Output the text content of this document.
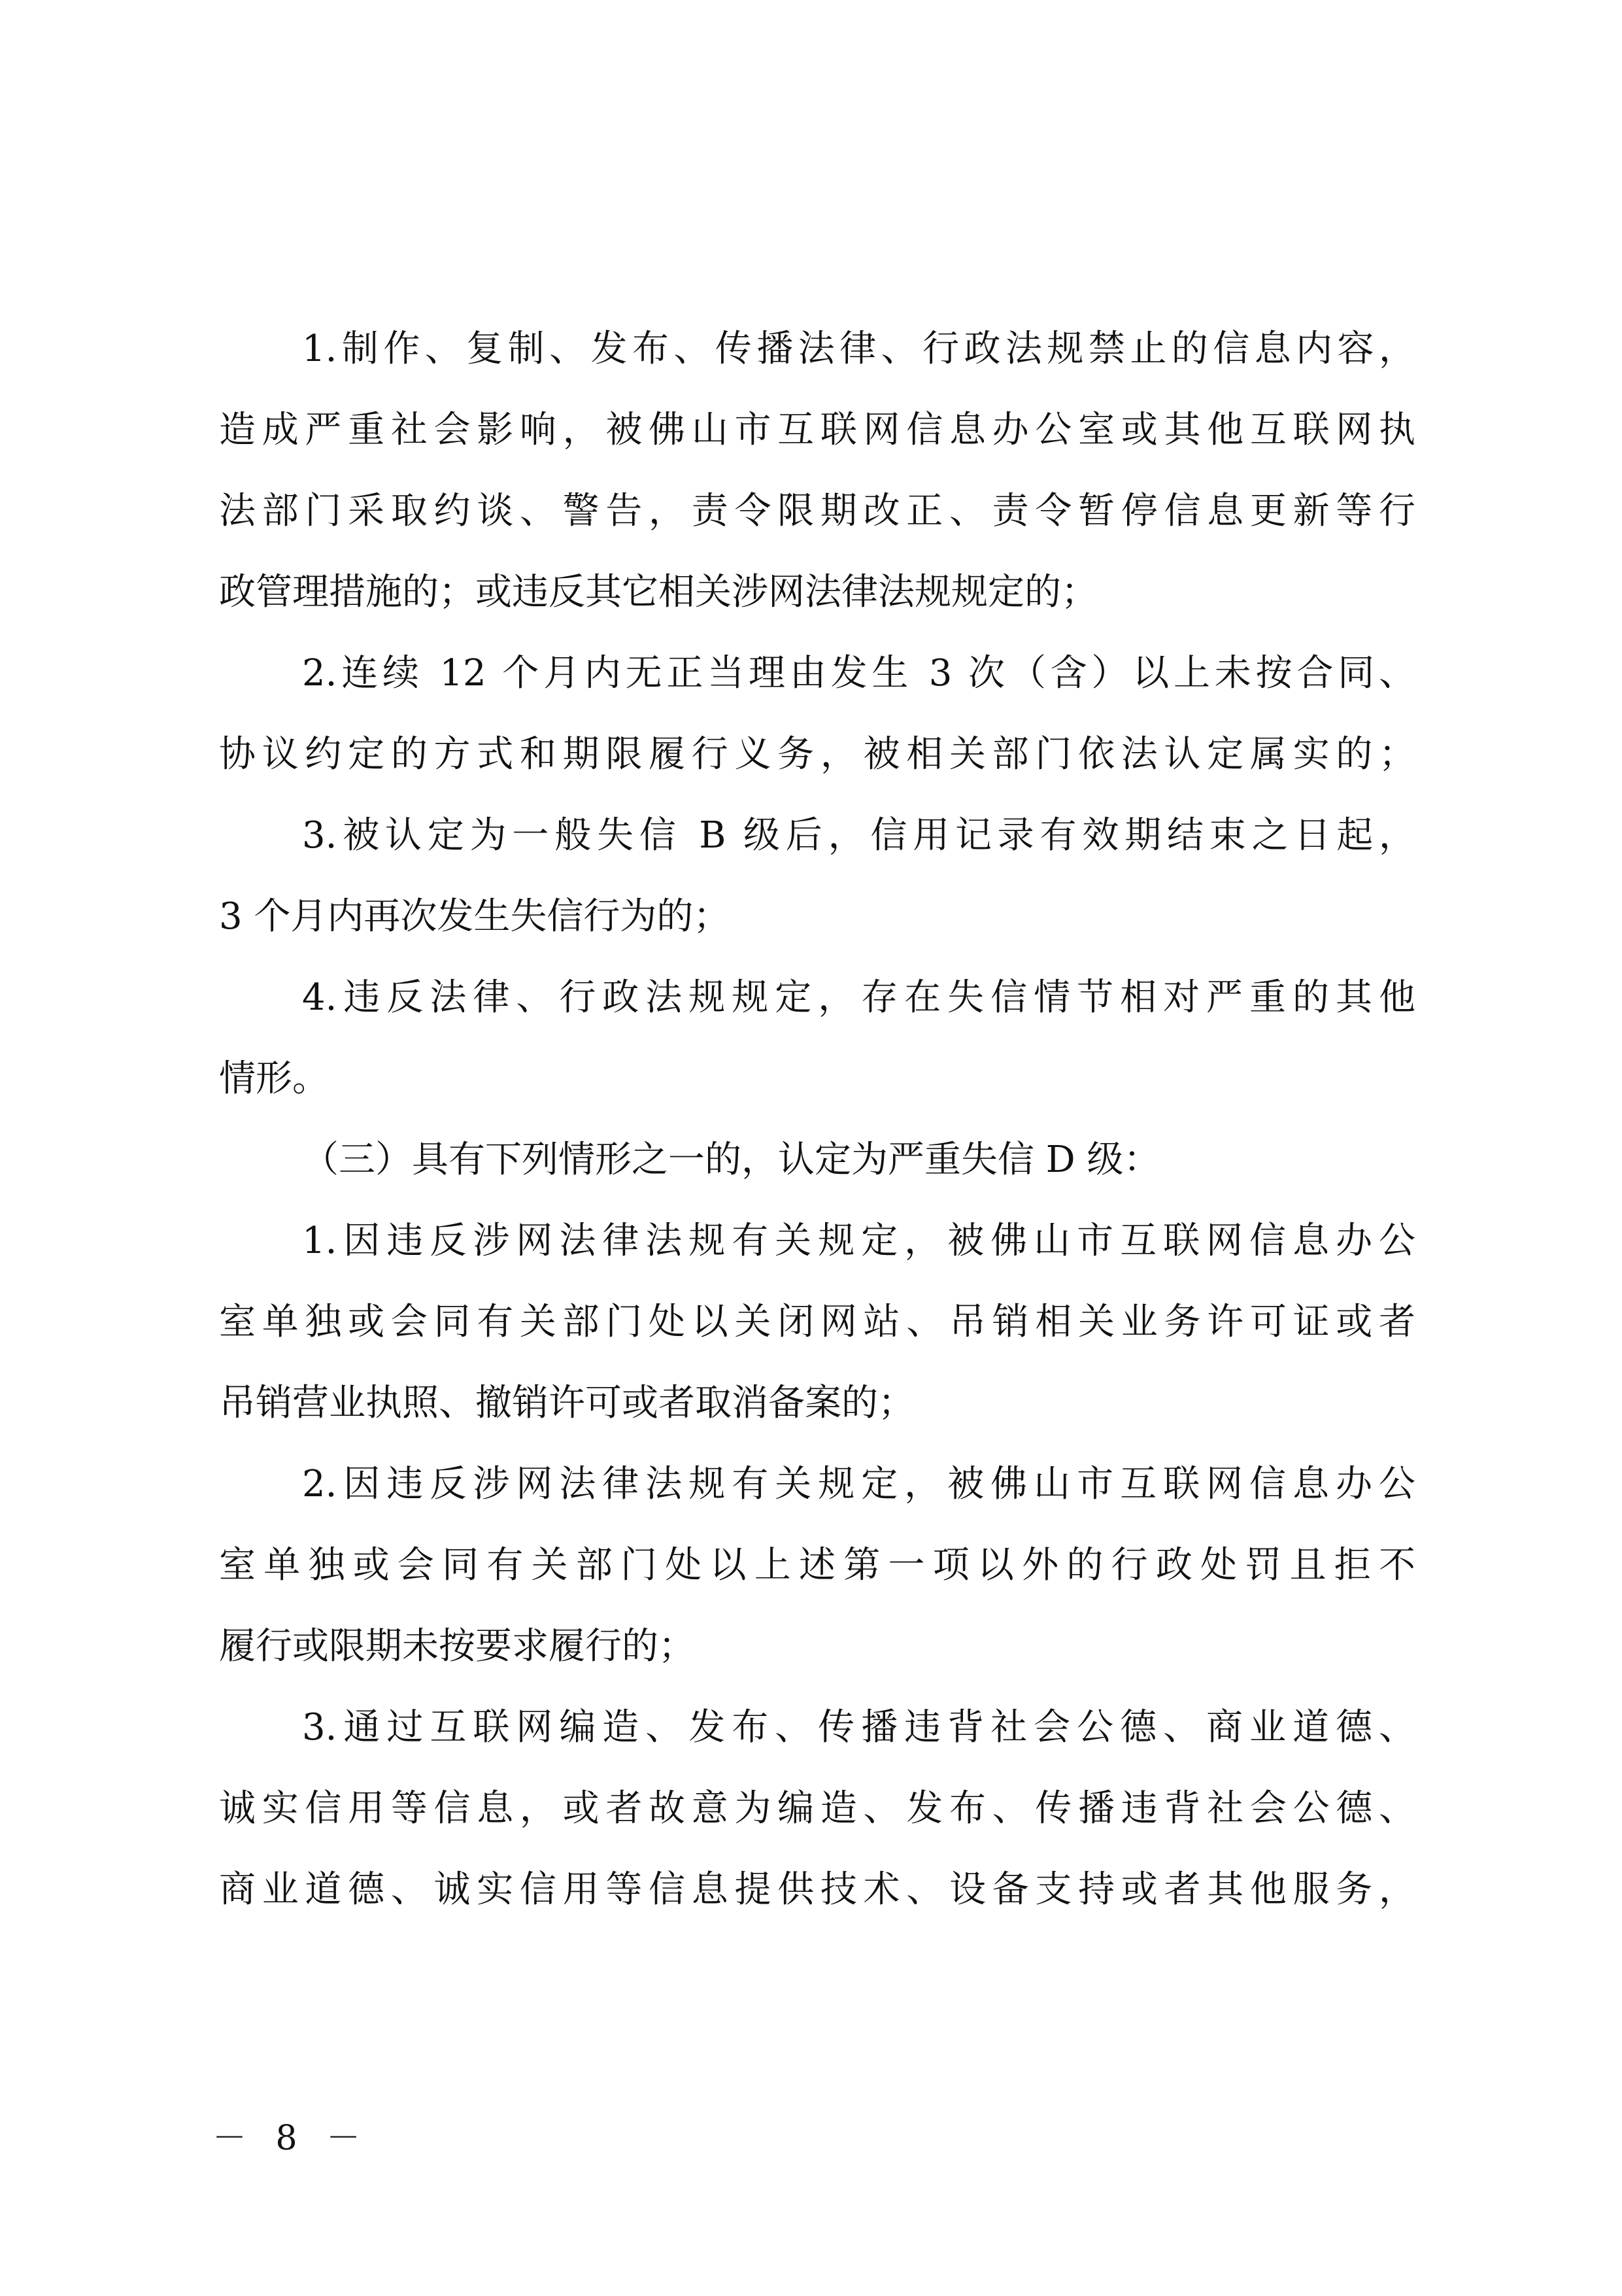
1.制作、复制、发布、传播法律、行政法规禁止的信息内容，
造成严重社会影响，被佛山市互联网信息办公室或其他互联网执
法部门采取约谈、警告，责令限期改正、责令暂停信息更新等行
政管理措施的；或违反其它相关涉网法律法规规定的；
2.连续 12 个月内无正当理由发生 3 次（含）以上未按合同、
协议约定的方式和期限履行义务，被相关部门依法认定属实的；
3.被认定为一般失信 B 级后，信用记录有效期结束之日起，
3 个月内再次发生失信行为的；
4.违反法律、行政法规规定，存在失信情节相对严重的其他
情形。
（三）具有下列情形之一的，认定为严重失信 D 级：
1.因违反涉网法律法规有关规定，被佛山市互联网信息办公
室单独或会同有关部门处以关闭网站、吊销相关业务许可证或者
吊销营业执照、撤销许可或者取消备案的；
2.因违反涉网法律法规有关规定，被佛山市互联网信息办公
室单独或会同有关部门处以上述第一项以外的行政处罚且拒不
履行或限期未按要求履行的；
3.通过互联网编造、发布、传播违背社会公德、商业道德、
诚实信用等信息，或者故意为编造、发布、传播违背社会公德、
商业道德、诚实信用等信息提供技术、设备支持或者其他服务，
－ 8 －
